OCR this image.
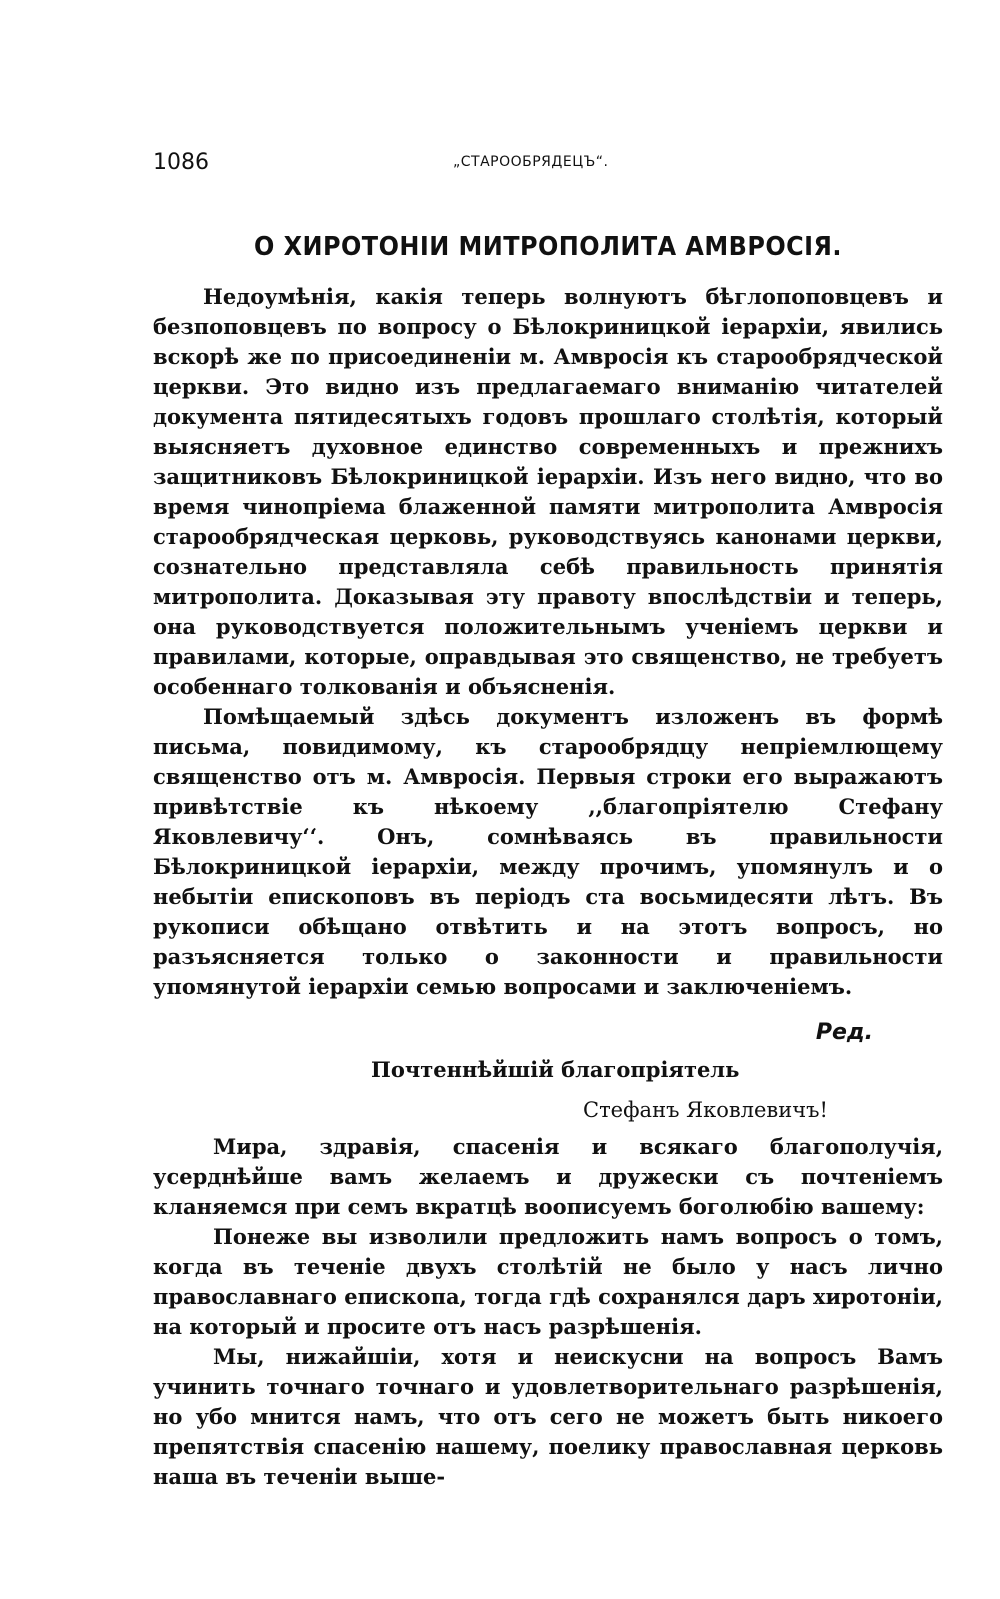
1086	„СТАРООБРЯДЕЦЪ“.
О ХИРОТОНІИ МИТРОПОЛИТА АМВРОСІЯ.

Недоумѣнія, какія теперь волнуютъ бѣглопоповцевъ и безпоповцевъ по вопросу о Бѣлокриницкой іерархіи, явились вскорѣ же по присоединеніи м. Амвросія къ старообрядческой церкви. Это видно изъ предлагаемаго вниманію читателей документа пятидесятыхъ годовъ прошлаго столѣтія, который выясняетъ духовное единство современныхъ и прежнихъ защитниковъ Бѣлокриницкой іерархіи. Изъ него видно, что во время чинопріема блаженной памяти митрополита Амвросія старообрядческая церковь, руководствуясь канонами церкви, сознательно представляла себѣ правильность принятія митрополита. Доказывая эту правоту впослѣдствіи и теперь, она руководствуется положительнымъ ученіемъ церкви и правилами, которые, оправдывая это священство, не требуетъ особеннаго толкованія и объясненія.

Помѣщаемый здѣсь документъ изложенъ въ формѣ письма, повидимому, къ старообрядцу непріемлющему священство отъ м. Амвросія. Первыя строки его выражаютъ привѣтствіе къ нѣкоему ,,благопріятелю Стефану Яковлевичу‘‘. Онъ, сомнѣваясь въ правильности Бѣлокриницкой іерархіи, между прочимъ, упомянулъ и о небытіи епископовъ въ періодъ ста восьмидесяти лѣтъ. Въ рукописи обѣщано отвѣтить и на этотъ вопросъ, но разъясняется только о законности и правильности упомянутой іерархіи семью вопросами и заключеніемъ.

Ред.
Почтеннѣйшій благопріятель
Стефанъ Яковлевичъ!

Мира, здравія, спасенія и всякаго благополучія, усерднѣйше вамъ желаемъ и дружески съ почтеніемъ кланяемся при семъ вкратцѣ воописуемъ боголюбію вашему:

Понеже вы изволили предложить намъ вопросъ о томъ, когда въ теченіе двухъ столѣтій не было у насъ лично православнаго епископа, тогда гдѣ сохранялся даръ хиротоніи, на который и просите отъ насъ разрѣшенія.

Мы, нижайшіи, хотя и неискусни на вопросъ Вамъ учинить точнаго точнаго и удовлетворительнаго разрѣшенія, но убо мнится намъ, что отъ сего не можетъ быть никоего препятствія спасенію нашему, поелику православная церковь наша въ теченіи выше-
